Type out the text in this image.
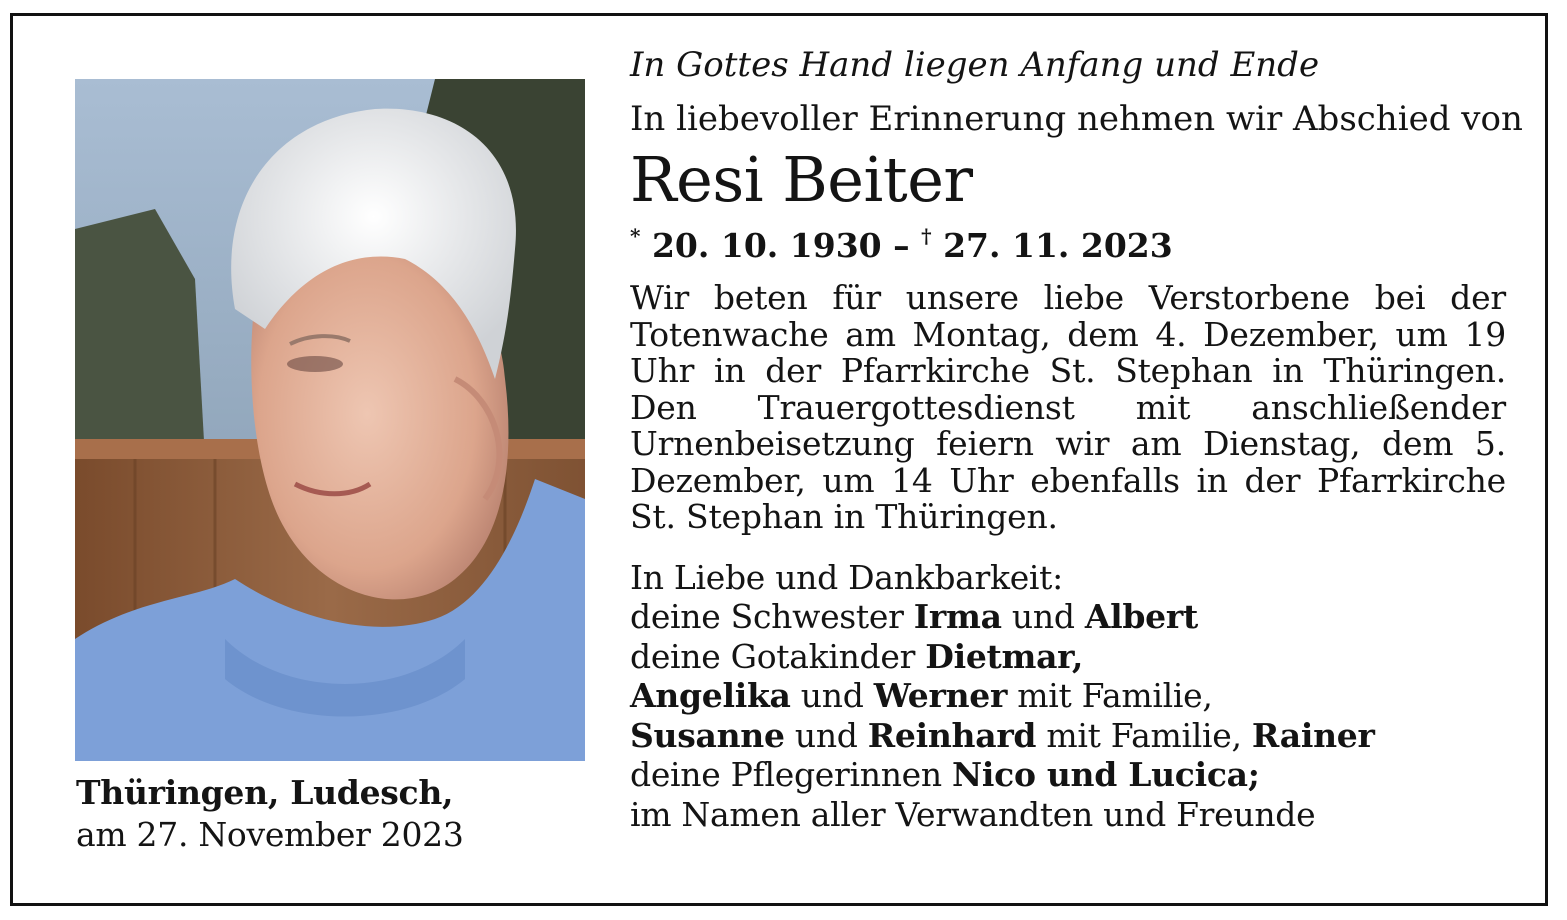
Thüringen, Ludesch,
am 27. November 2023
In Gottes Hand liegen Anfang und Ende
In liebevoller Erinnerung nehmen wir Abschied von
Resi Beiter
* 20. 10. 1930 – † 27. 11. 2023
Wir beten für unsere liebe Verstorbene bei der Totenwache am Montag, dem 4. Dezember, um 19 Uhr in der Pfarrkirche St. Stephan in Thüringen. Den Trauergottesdienst mit anschließender Urnenbeisetzung feiern wir am Dienstag, dem 5. Dezember, um 14 Uhr ebenfalls in der Pfarrkirche St. Stephan in Thüringen.
In Liebe und Dankbarkeit:
deine Schwester Irma und Albert
deine Gotakinder Dietmar,
Angelika und Werner mit Familie,
Susanne und Reinhard mit Familie, Rainer
deine Pflegerinnen Nico und Lucica;
im Namen aller Verwandten und Freunde
